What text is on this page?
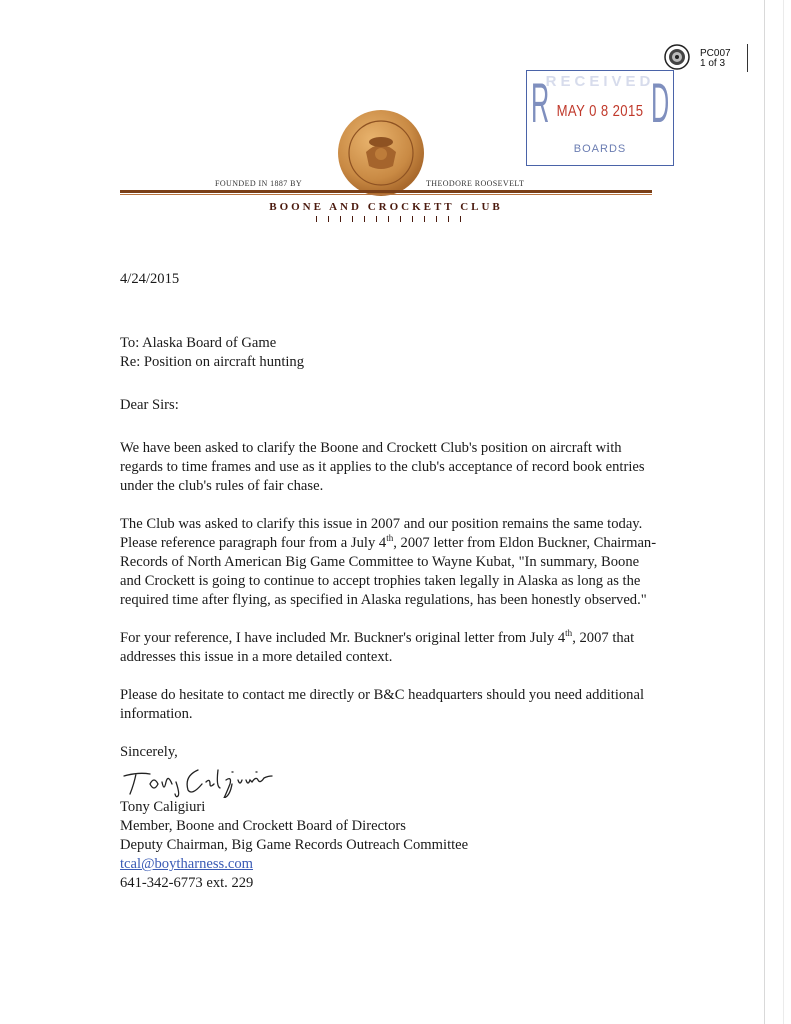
PC007
1 of 3
RECEIVED
R D
MAY 0 8 2015
BOARDS
FOUNDED IN 1887 BY	THEODORE ROOSEVELT
BOONE AND CROCKETT CLUB

4/24/2015

To: Alaska Board of Game

Re: Position on aircraft hunting

Dear Sirs:

We have been asked to clarify the Boone and Crockett Club's position on aircraft with regards to time frames and use as it applies to the club's acceptance of record book entries under the club's rules of fair chase.

The Club was asked to clarify this issue in 2007 and our position remains the same today. Please reference paragraph four from a July 4th, 2007 letter from Eldon Buckner, Chairman- Records of North American Big Game Committee to Wayne Kubat, "In summary, Boone and Crockett is going to continue to accept trophies taken legally in Alaska as long as the required time after flying, as specified in Alaska regulations, has been honestly observed."

For your reference, I have included Mr. Buckner's original letter from July 4th, 2007 that addresses this issue in a more detailed context.

Please do hesitate to contact me directly or B&C headquarters should you need additional information.

Sincerely,

Tony Caligiuri

Member, Boone and Crockett Board of Directors

Deputy Chairman, Big Game Records Outreach Committee

tcal@boytharness.com

641-342-6773 ext. 229
